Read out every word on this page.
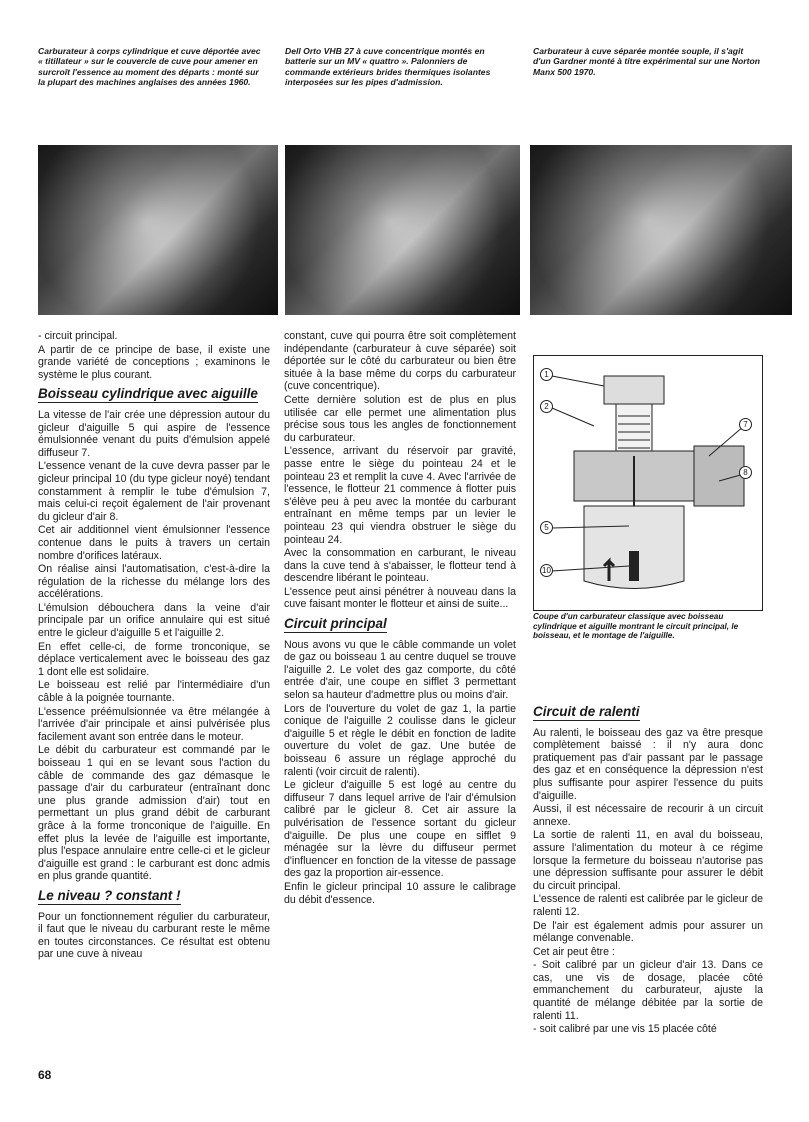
Carburateur à corps cylindrique et cuve déportée avec « titillateur » sur le couvercle de cuve pour amener en surcroît l'essence au moment des départs : monté sur la plupart des machines anglaises des années 1960.
Dell Orto VHB 27 à cuve concentrique montés en batterie sur un MV « quattro ». Palonniers de commande extérieurs brides thermiques isolantes interposées sur les pipes d'admission.
Carburateur à cuve séparée montée souple, il s'agit d'un Gardner monté à titre expérimental sur une Norton Manx 500 1970.

- circuit principal.

A partir de ce principe de base, il existe une grande variété de conceptions ; examinons le système le plus courant.

Boisseau cylindrique avec aiguille

La vitesse de l'air crée une dépression autour du gicleur d'aiguille 5 qui aspire de l'essence émulsionnée venant du puits d'émulsion appelé diffuseur 7.

L'essence venant de la cuve devra passer par le gicleur principal 10 (du type gicleur noyé) tendant constamment à remplir le tube d'émulsion 7, mais celui-ci reçoit également de l'air provenant du gicleur d'air 8.

Cet air additionnel vient émulsionner l'essence contenue dans le puits à travers un certain nombre d'orifices latéraux.

On réalise ainsi l'automatisation, c'est-à-dire la régulation de la richesse du mélange lors des accélérations.

L'émulsion débouchera dans la veine d'air principale par un orifice annulaire qui est situé entre le gicleur d'aiguille 5 et l'aiguille 2.

En effet celle-ci, de forme tronconique, se déplace verticalement avec le boisseau des gaz 1 dont elle est solidaire.

Le boisseau est relié par l'intermédiaire d'un câble à la poignée tournante.

L'essence préémulsionnée va être mélangée à l'arrivée d'air principale et ainsi pulvérisée plus facilement avant son entrée dans le moteur.

Le débit du carburateur est commandé par le boisseau 1 qui en se levant sous l'action du câble de commande des gaz démasque le passage d'air du carburateur (entraînant donc une plus grande admission d'air) tout en permettant un plus grand débit de carburant grâce à la forme tronconique de l'aiguille. En effet plus la levée de l'aiguille est importante, plus l'espace annulaire entre celle-ci et le gicleur d'aiguille est grand : le carburant est donc admis en plus grande quantité.

Le niveau ? constant !

Pour un fonctionnement régulier du carburateur, il faut que le niveau du carburant reste le même en toutes circonstances. Ce résultat est obtenu par une cuve à niveau

constant, cuve qui pourra être soit complètement indépendante (carburateur à cuve séparée) soit déportée sur le côté du carburateur ou bien être située à la base même du corps du carburateur (cuve concentrique).

Cette dernière solution est de plus en plus utilisée car elle permet une alimentation plus précise sous tous les angles de fonctionnement du carburateur.

L'essence, arrivant du réservoir par gravité, passe entre le siège du pointeau 24 et le pointeau 23 et remplit la cuve 4. Avec l'arrivée de l'essence, le flotteur 21 commence à flotter puis s'élève peu à peu avec la montée du carburant entraînant en même temps par un levier le pointeau 23 qui viendra obstruer le siège du pointeau 24.

Avec la consommation en carburant, le niveau dans la cuve tend à s'abaisser, le flotteur tend à descendre libérant le pointeau.

L'essence peut ainsi pénétrer à nouveau dans la cuve faisant monter le flotteur et ainsi de suite...

Circuit principal

Nous avons vu que le câble commande un volet de gaz ou boisseau 1 au centre duquel se trouve l'aiguille 2. Le volet des gaz comporte, du côté entrée d'air, une coupe en sifflet 3 permettant selon sa hauteur d'admettre plus ou moins d'air.

Lors de l'ouverture du volet de gaz 1, la partie conique de l'aiguille 2 coulisse dans le gicleur d'aiguille 5 et règle le débit en fonction de ladite ouverture du volet de gaz. Une butée de boisseau 6 assure un réglage approché du ralenti (voir circuit de ralenti).

Le gicleur d'aiguille 5 est logé au centre du diffuseur 7 dans lequel arrive de l'air d'émulsion calibré par le gicleur 8. Cet air assure la pulvérisation de l'essence sortant du gicleur d'aiguille. De plus une coupe en sifflet 9 ménagée sur la lèvre du diffuseur permet d'influencer en fonction de la vitesse de passage des gaz la proportion air-essence.

Enfin le gicleur principal 10 assure le calibrage du débit d'essence.

1
2
5
10
7
8
Coupe d'un carburateur classique avec boisseau cylindrique et aiguille montrant le circuit principal, le boisseau, et le montage de l'aiguille.
Circuit de ralenti

Au ralenti, le boisseau des gaz va être presque complètement baissé : il n'y aura donc pratiquement pas d'air passant par le passage des gaz et en conséquence la dépression n'est plus suffisante pour aspirer l'essence du puits d'aiguille.

Aussi, il est nécessaire de recourir à un circuit annexe.

La sortie de ralenti 11, en aval du boisseau, assure l'alimentation du moteur à ce régime lorsque la fermeture du boisseau n'autorise pas une dépression suffisante pour assurer le débit du circuit principal.

L'essence de ralenti est calibrée par le gicleur de ralenti 12.

De l'air est également admis pour assurer un mélange convenable.

Cet air peut être :

- Soit calibré par un gicleur d'air 13. Dans ce cas, une vis de dosage, placée côté emmanchement du carburateur, ajuste la quantité de mélange débitée par la sortie de ralenti 11.

- soit calibré par une vis 15 placée côté

68
